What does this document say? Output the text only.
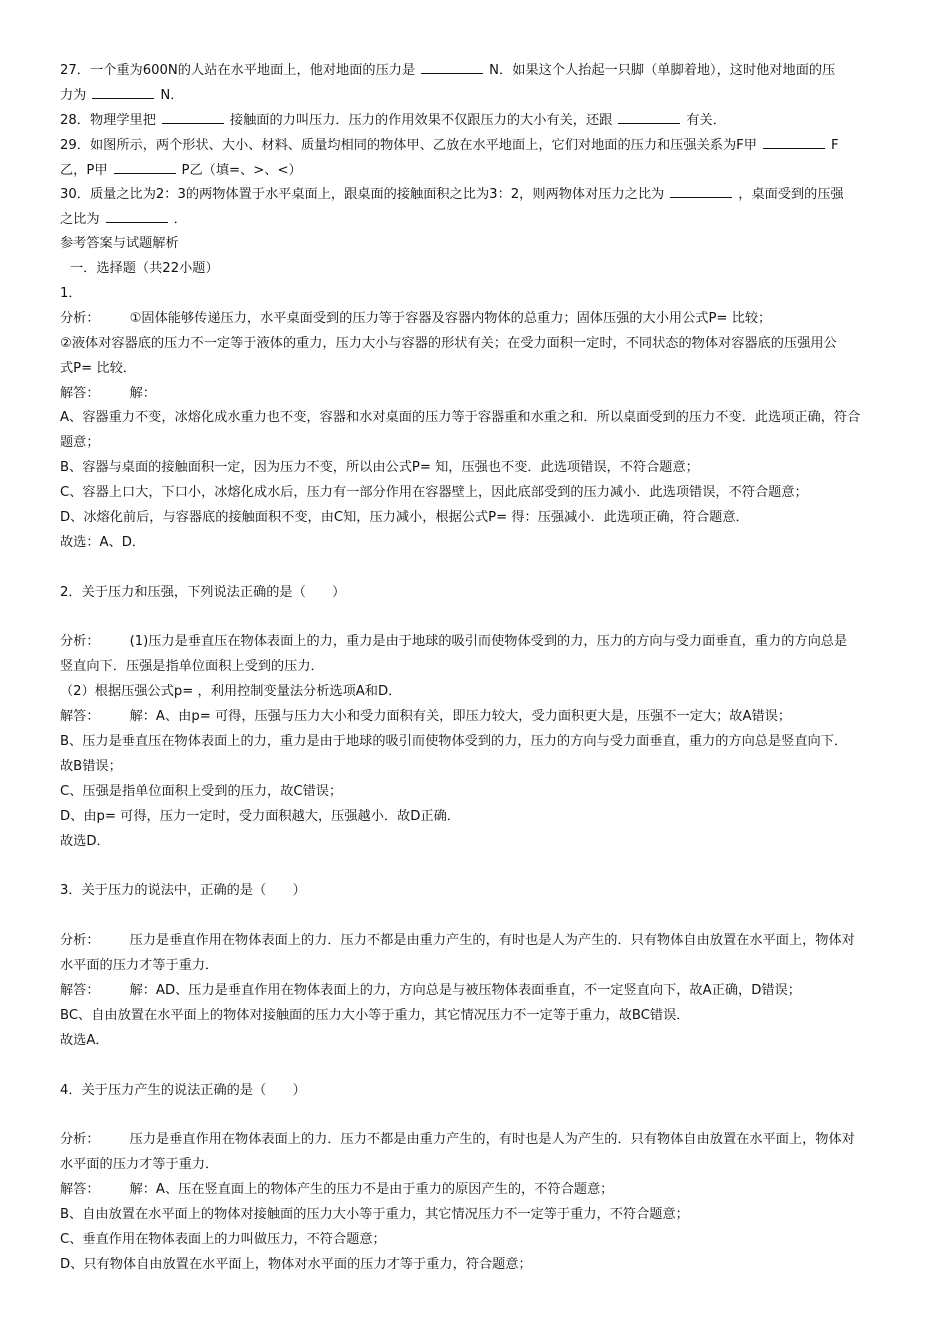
27．一个重为600N的人站在水平地面上，他对地面的压力是	N．如果这个人抬起一只脚（单脚着地），这时他对地面的压
力为	N．
28．物理学里把	接触面的力叫压力．压力的作用效果不仅跟压力的大小有关，还跟	有关．
29．如图所示，两个形状、大小、材料、质量均相同的物体甲、乙放在水平地面上，它们对地面的压力和压强关系为F甲	F
乙，P甲	P乙（填=、>、<）
30．质量之比为2：3的两物体置于水平桌面上，跟桌面的接触面积之比为3：2，则两物体对压力之比为	，桌面受到的压强
之比为	．
参考答案与试题解析
一．选择题（共22小题）
1．
分析： ①固体能够传递压力，水平桌面受到的压力等于容器及容器内物体的总重力；固体压强的大小用公式P= 比较；
②液体对容器底的压力不一定等于液体的重力，压力大小与容器的形状有关；在受力面积一定时，不同状态的物体对容器底的压强用公
式P= 比较．
解答： 解：
A、容器重力不变，冰熔化成水重力也不变，容器和水对桌面的压力等于容器重和水重之和．所以桌面受到的压力不变．此选项正确，符合
题意；
B、容器与桌面的接触面积一定，因为压力不变，所以由公式P= 知，压强也不变．此选项错误，不符合题意；
C、容器上口大，下口小，冰熔化成水后，压力有一部分作用在容器壁上，因此底部受到的压力减小．此选项错误，不符合题意；
D、冰熔化前后，与容器底的接触面积不变，由C知，压力减小，根据公式P= 得：压强减小．此选项正确，符合题意．
故选：A、D．
2．关于压力和压强，下列说法正确的是（　　）
分析： (1)压力是垂直压在物体表面上的力，重力是由于地球的吸引而使物体受到的力，压力的方向与受力面垂直，重力的方向总是
竖直向下．压强是指单位面积上受到的压力．
（2）根据压强公式p= ，利用控制变量法分析选项A和D．
解答： 解：A、由p= 可得，压强与压力大小和受力面积有关，即压力较大，受力面积更大是，压强不一定大；故A错误；
B、压力是垂直压在物体表面上的力，重力是由于地球的吸引而使物体受到的力，压力的方向与受力面垂直，重力的方向总是竖直向下．
故B错误；
C、压强是指单位面积上受到的压力，故C错误；
D、由p= 可得，压力一定时，受力面积越大，压强越小．故D正确．
故选D．
3．关于压力的说法中，正确的是（　　）
分析： 压力是垂直作用在物体表面上的力．压力不都是由重力产生的，有时也是人为产生的．只有物体自由放置在水平面上，物体对
水平面的压力才等于重力．
解答： 解：AD、压力是垂直作用在物体表面上的力，方向总是与被压物体表面垂直，不一定竖直向下，故A正确，D错误；
BC、自由放置在水平面上的物体对接触面的压力大小等于重力，其它情况压力不一定等于重力，故BC错误．
故选A．
4．关于压力产生的说法正确的是（　　）
分析： 压力是垂直作用在物体表面上的力．压力不都是由重力产生的，有时也是人为产生的．只有物体自由放置在水平面上，物体对
水平面的压力才等于重力．
解答： 解：A、压在竖直面上的物体产生的压力不是由于重力的原因产生的，不符合题意；
B、自由放置在水平面上的物体对接触面的压力大小等于重力，其它情况压力不一定等于重力，不符合题意；
C、垂直作用在物体表面上的力叫做压力，不符合题意；
D、只有物体自由放置在水平面上，物体对水平面的压力才等于重力，符合题意；
